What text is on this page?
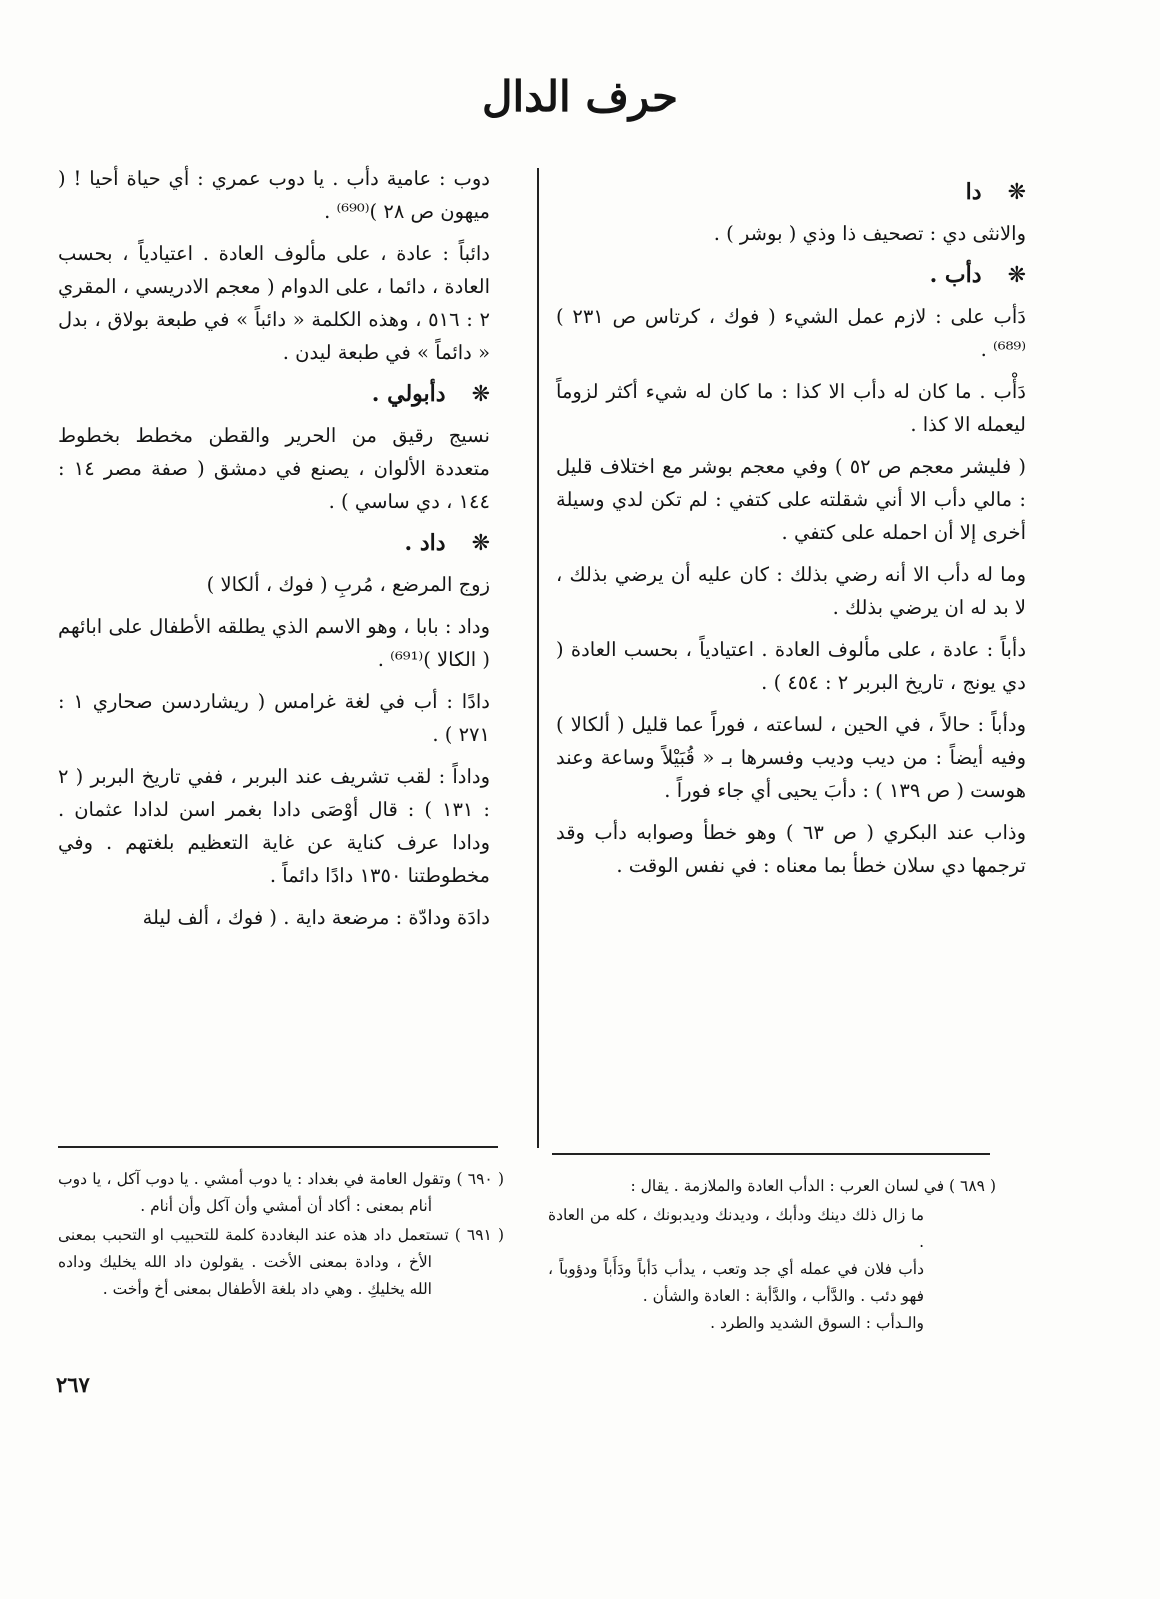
حرف الدال

❋دا

والانثى دي : تصحيف ذا وذي ( بوشر ) .

❋دأب .

دَأب على : لازم عمل الشيء ( فوك ، كرتاس ص ٢٣١ )⁽⁶⁸⁹⁾ .

دَأْب . ما كان له دأب الا كذا : ما كان له شيء أكثر لزوماً ليعمله الا كذا .

( فليشر معجم ص ٥٢ ) وفي معجم بوشر مع اختلاف قليل : مالي دأب الا أني شقلته على كتفي : لم تكن لدي وسيلة أخرى إلا أن احمله على كتفي .

وما له دأب الا أنه رضي بذلك : كان عليه أن يرضي بذلك ، لا بد له ان يرضي بذلك .

دأباً : عادة ، على مألوف العادة . اعتيادياً ، بحسب العادة ( دي يونج ، تاريخ البربر ٢ : ٤٥٤ ) .

ودأباً : حالاً ، في الحين ، لساعته ، فوراً عما قليل ( ألكالا ) وفيه أيضاً : من ديب وديب وفسرها بـ « قُبَيْلاً وساعة وعند هوست ( ص ١٣٩ ) : دأبَ يحيى أي جاء فوراً .

وذاب عند البكري ( ص ٦٣ ) وهو خطأ وصوابه دأب وقد ترجمها دي سلان خطأ بما معناه : في نفس الوقت .

دوب : عامية دأب . يا دوب عمري : أي حياة أحيا ! ( ميهون ص ٢٨ )⁽⁶⁹⁰⁾ .

دائباً : عادة ، على مألوف العادة . اعتيادياً ، بحسب العادة ، دائما ، على الدوام ( معجم الادريسي ، المقري ٢ : ٥١٦ ، وهذه الكلمة « دائباً » في طبعة بولاق ، بدل « دائماً » في طبعة ليدن .

❋دأبولي .

نسيج رقيق من الحرير والقطن مخطط بخطوط متعددة الألوان ، يصنع في دمشق ( صفة مصر ١٤ : ١٤٤ ، دي ساسي ) .

❋داد .

زوج المرضع ، مُربِ ( فوك ، ألكالا )

وداد : بابا ، وهو الاسم الذي يطلقه الأطفال على ابائهم ( الكالا )⁽⁶⁹¹⁾ .

دادًا : أب في لغة غرامس ( ريشاردسن صحاري ١ : ٢٧١ ) .

وداداً : لقب تشريف عند البربر ، ففي تاريخ البربر ( ٢ : ١٣١ ) : قال أوْصَى دادا بغمر اسن لدادا عثمان . ودادا عرف كناية عن غاية التعظيم بلغتهم . وفي مخطوطتنا ١٣٥٠ دادًا دائماً .

دادَة ودادّة : مرضعة داية . ( فوك ، ألف ليلة

( ٦٨٩ ) في لسان العرب : الدأب العادة والملازمة . يقال :

ما زال ذلك دينك ودأبك ، وديدنك وديدبونك ، كله من العادة .

دأب فلان في عمله أي جد وتعب ، يدأب دَأباً ودَأَباً ودؤوباً ، فهو دئب . والدَّأب ، والدَّأبة : العادة والشأن .

والـدأب : السوق الشديد والطرد .

( ٦٩٠ ) وتقول العامة في بغداد : يا دوب أمشي . يا دوب آكل ، يا دوب أنام بمعنى : أكاد أن أمشي وأن آكل وأن أنام .

( ٦٩١ ) تستعمل داد هذه عند البغاددة كلمة للتحبيب او التحبب بمعنى الأخ ، ودادة بمعنى الأخت . يقولون داد الله يخليك وداده الله يخليكِ . وهي داد بلغة الأطفال بمعنى أخ وأخت .

٢٦٧
